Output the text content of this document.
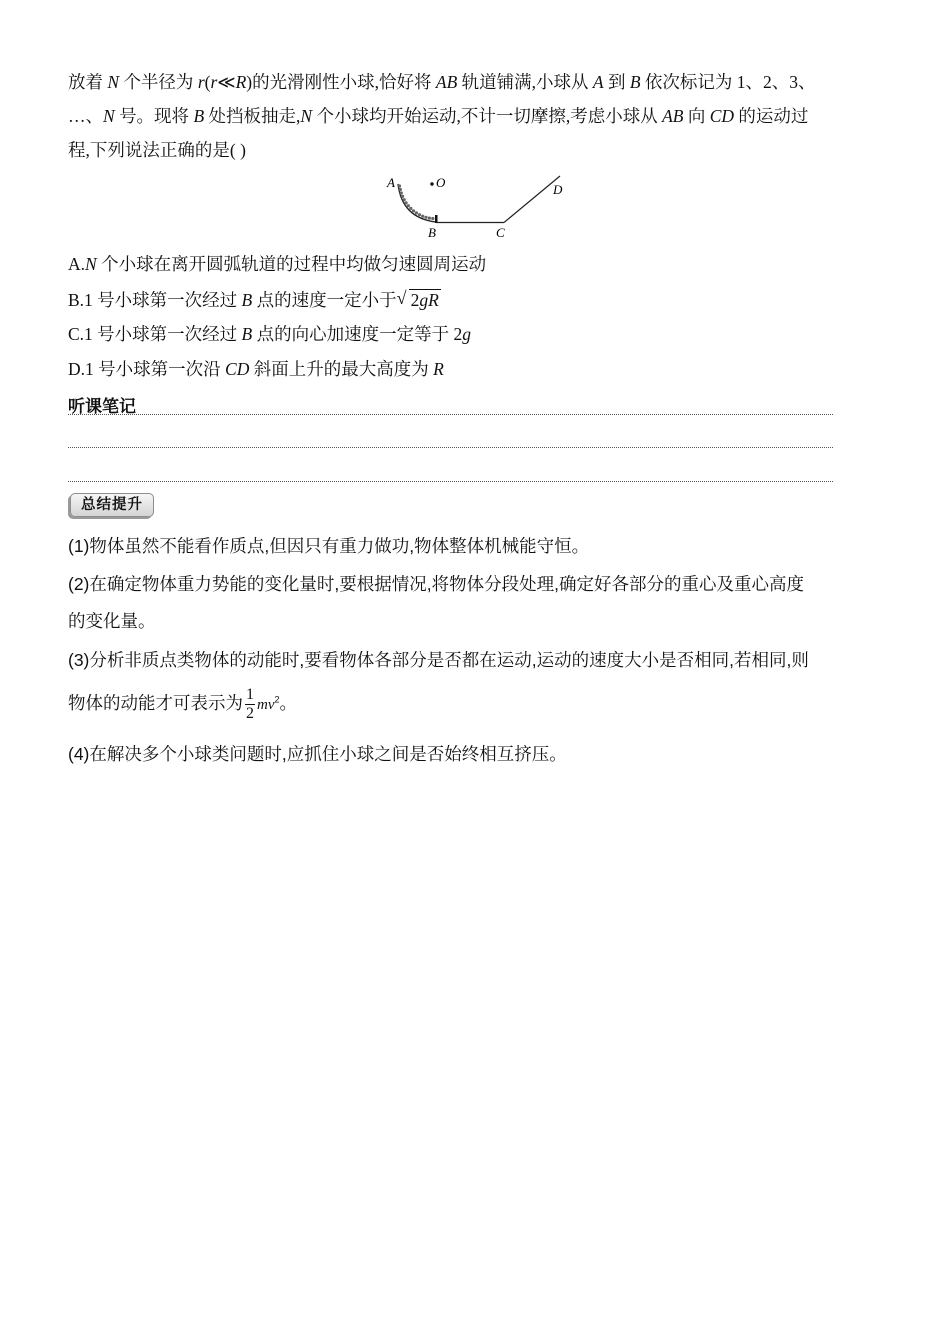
放着 N 个半径为 r(r≪R)的光滑刚性小球,恰好将 AB 轨道铺满,小球从 A 到 B 依次标记为 1、2、3、
…、N 号。现将 B 处挡板抽走,N 个小球均开始运动,不计一切摩擦,考虑小球从 AB 向 CD 的运动过
程,下列说法正确的是( )
A	O
B	C
D
A.N 个小球在离开圆弧轨道的过程中均做匀速圆周运动
B.1 号小球第一次经过 B 点的速度一定小于 √ 2gR
C.1 号小球第一次经过 B 点的向心加速度一定等于 2g
D.1 号小球第一次沿 CD 斜面上升的最大高度为 R
听课笔记
总结提升
(1)物体虽然不能看作质点,但因只有重力做功,物体整体机械能守恒。
(2)在确定物体重力势能的变化量时,要根据情况,将物体分段处理,确定好各部分的重心及重心高度
的变化量。
(3)分析非质点类物体的动能时,要看物体各部分是否都在运动,运动的速度大小是否相同,若相同,则
物体的动能才可表示为 $\frac{1}{2} mv^2$。
(4)在解决多个小球类问题时,应抓住小球之间是否始终相互挤压。
